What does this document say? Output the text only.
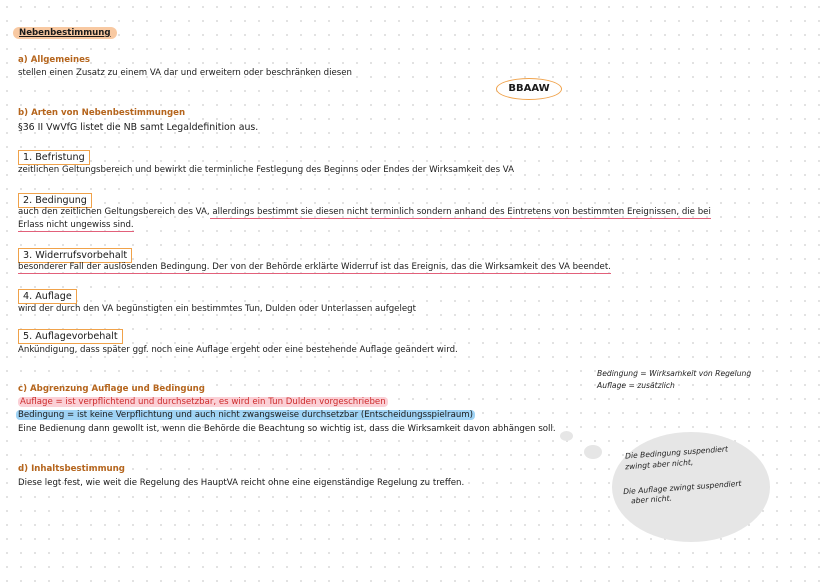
Nebenbestimmung
BBAAW
a) Allgemeines
stellen einen Zusatz zu einem VA dar und erweitern oder beschränken diesen
b) Arten von Nebenbestimmungen
§36 II VwVfG listet die NB samt Legaldefinition aus.
1. Befristung
zeitlichen Geltungsbereich und bewirkt die terminliche Festlegung des Beginns oder Endes der Wirksamkeit des VA
2. Bedingung
auch den zeitlichen Geltungsbereich des VA, allerdings bestimmt sie diesen nicht terminlich sondern anhand des Eintretens von bestimmten Ereignissen, die bei
Erlass nicht ungewiss sind.
3. Widerrufsvorbehalt
besonderer Fall der auslösenden Bedingung. Der von der Behörde erklärte Widerruf ist das Ereignis, das die Wirksamkeit des VA beendet.
4. Auflage
wird der durch den VA begünstigten ein bestimmtes Tun, Dulden oder Unterlassen aufgelegt
5. Auflagevorbehalt
Ankündigung, dass später ggf. noch eine Auflage ergeht oder eine bestehende Auflage geändert wird.
c) Abgrenzung Auflage und Bedingung
Auflage = ist verpflichtend und durchsetzbar, es wird ein Tun Dulden vorgeschrieben
Bedingung = ist keine Verpflichtung und auch nicht zwangsweise durchsetzbar (Entscheidungsspielraum)
Eine Bedienung dann gewollt ist, wenn die Behörde die Beachtung so wichtig ist, dass die Wirksamkeit davon abhängen soll.
d) Inhaltsbestimmung
Diese legt fest, wie weit die Regelung des HauptVA reicht ohne eine eigenständige Regelung zu treffen.
Bedingung = Wirksamkeit von Regelung
Auflage = zusätzlich
Die Bedingung suspendiert
zwingt aber nicht,
Die Auflage zwingt suspendiert
aber nicht.
